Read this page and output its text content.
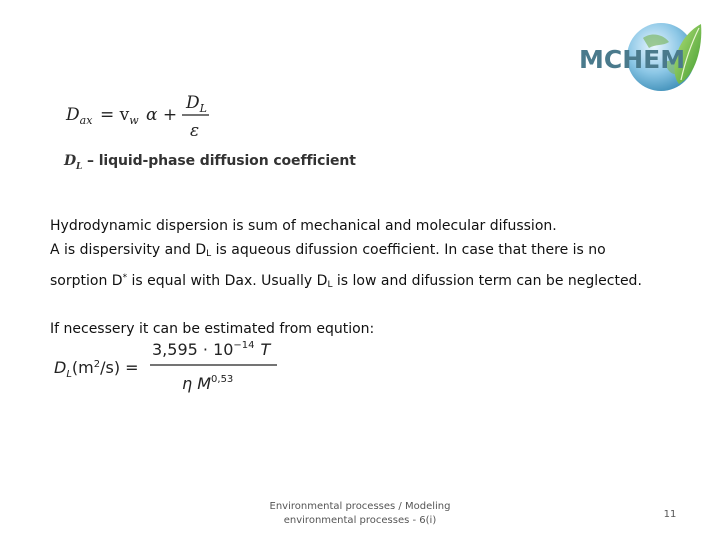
MCHEM
$D_{ax} = v_w$ α +
$D_L$
ε
$D_L$ – liquid-phase diffusion coefficient
Hydrodynamic dispersion is sum of mechanical and molecular difussion.
A is dispersivity and $D_L$ is aqueous difussion coefficient. In case that there is no
sorption D* is equal with Dax. Usually $D_L$ is low and difussion term can be neglected.
If necessery it can be estimated from eqution:
$D_L(m^2/s)$ =
$3,595 \cdot 10^{-14}$ T
η M$^{0,53}$
Environmental processes / Modeling
environmental processes - 6(i)
11
